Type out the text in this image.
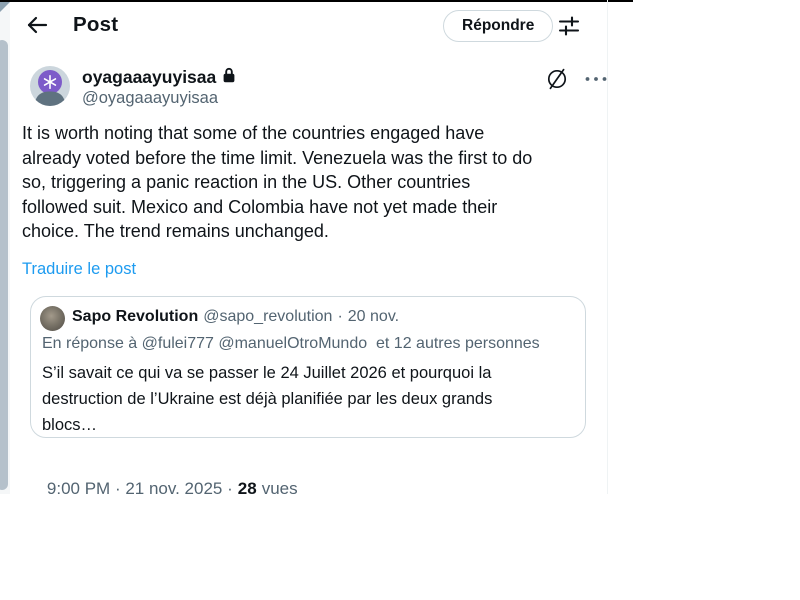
Post	Répondre
oyagaaayuyisaa
@oyagaaayuyisaa
It is worth noting that some of the countries engaged have
already voted before the time limit. Venezuela was the first to do
so, triggering a panic reaction in the US. Other countries
followed suit. Mexico and Colombia have not yet made their
choice. The trend remains unchanged.
Traduire le post
Sapo Revolution @sapo_revolution · 20 nov.
En réponse à @fulei777 @manuelOtroMundo  et 12 autres personnes
S’il savait ce qui va se passer le 24 Juillet 2026 et pourquoi la
destruction de l’Ukraine est déjà planifiée par les deux grands
blocs…

9:00 PM · 21 nov. 2025 · 28 vues
